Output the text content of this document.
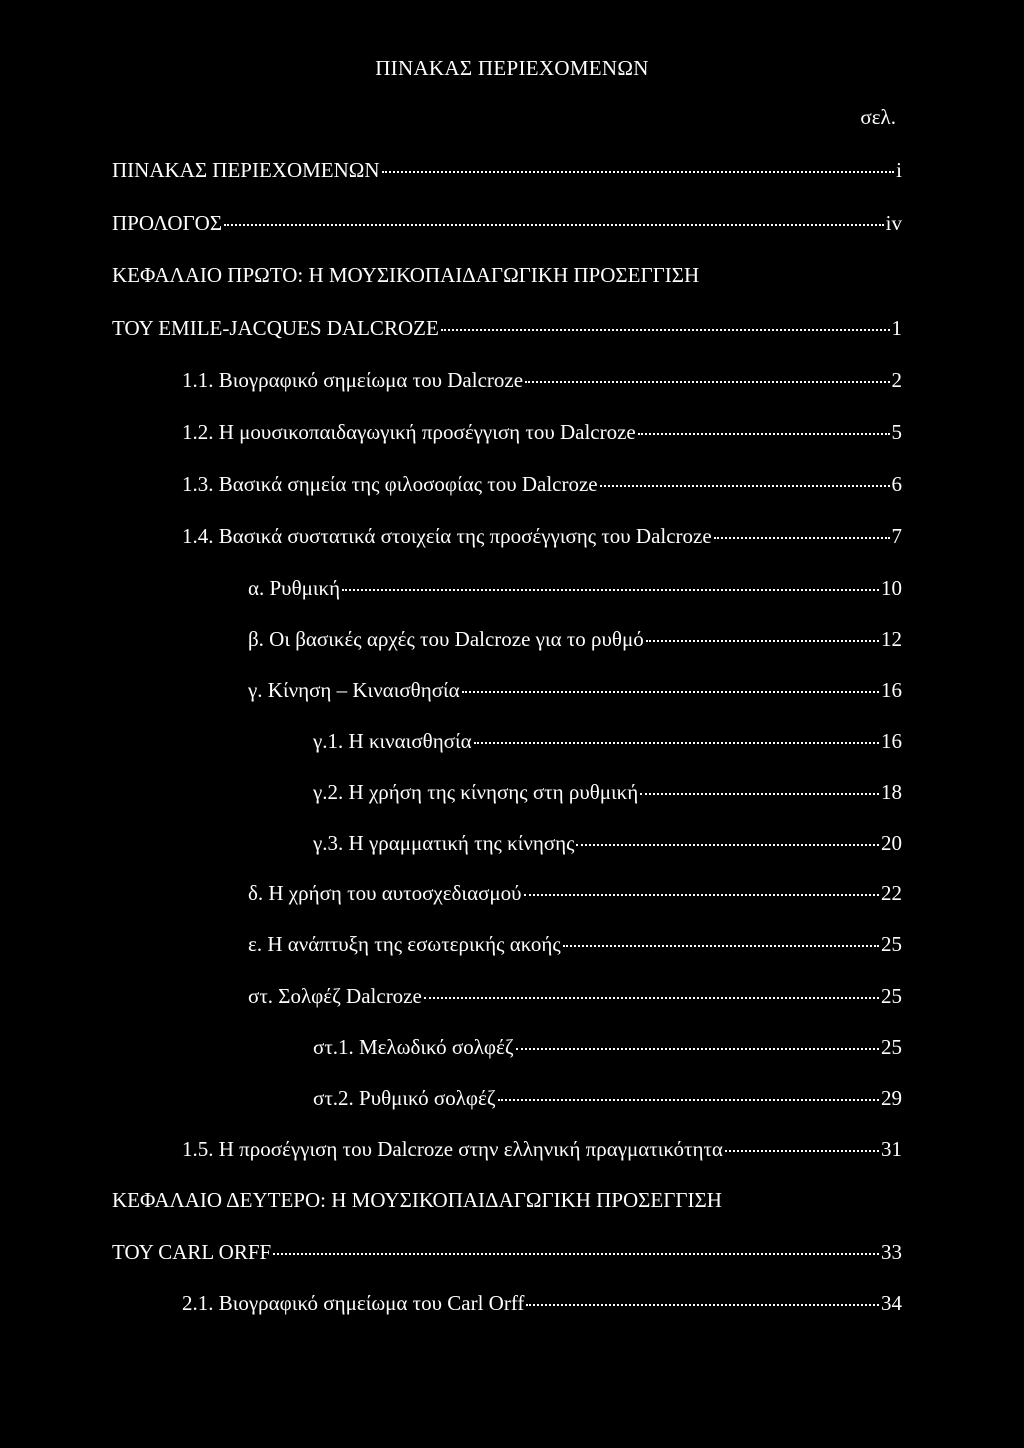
ΠΙΝΑΚΑΣ ΠΕΡΙΕΧΟΜΕΝΩΝ
σελ.
ΠΙΝΑΚΑΣ ΠΕΡΙΕΧΟΜΕΝΩΝ	i
ΠΡΟΛΟΓΟΣ	iv
ΚΕΦΑΛΑΙΟ ΠΡΩΤΟ: Η ΜΟΥΣΙΚΟΠΑΙΔΑΓΩΓΙΚΗ ΠΡΟΣΕΓΓΙΣΗ
ΤΟΥ EMILE-JACQUES DALCROZE	1
1.1. Βιογραφικό σημείωμα του Dalcroze	2
1.2. Η μουσικοπαιδαγωγική προσέγγιση του Dalcroze	5
1.3. Βασικά σημεία της φιλοσοφίας του Dalcroze	6
1.4. Βασικά συστατικά στοιχεία της προσέγγισης του Dalcroze	7
α. Ρυθμική	10
β. Οι βασικές αρχές του Dalcroze για το ρυθμό	12
γ. Κίνηση – Κιναισθησία	16
γ.1. Η κιναισθησία	16
γ.2. Η χρήση της κίνησης στη ρυθμική	18
γ.3. Η γραμματική της κίνησης	20
δ. Η χρήση του αυτοσχεδιασμού	22
ε. Η ανάπτυξη της εσωτερικής ακοής	25
στ. Σολφέζ Dalcroze	25
στ.1. Μελωδικό σολφέζ	25
στ.2. Ρυθμικό σολφέζ	29
1.5. Η προσέγγιση του Dalcroze στην ελληνική πραγματικότητα	31
ΚΕΦΑΛΑΙΟ ΔΕΥΤΕΡΟ: Η ΜΟΥΣΙΚΟΠΑΙΔΑΓΩΓΙΚΗ ΠΡΟΣΕΓΓΙΣΗ
ΤΟΥ CARL ORFF	33
2.1. Βιογραφικό σημείωμα του Carl Orff	34
